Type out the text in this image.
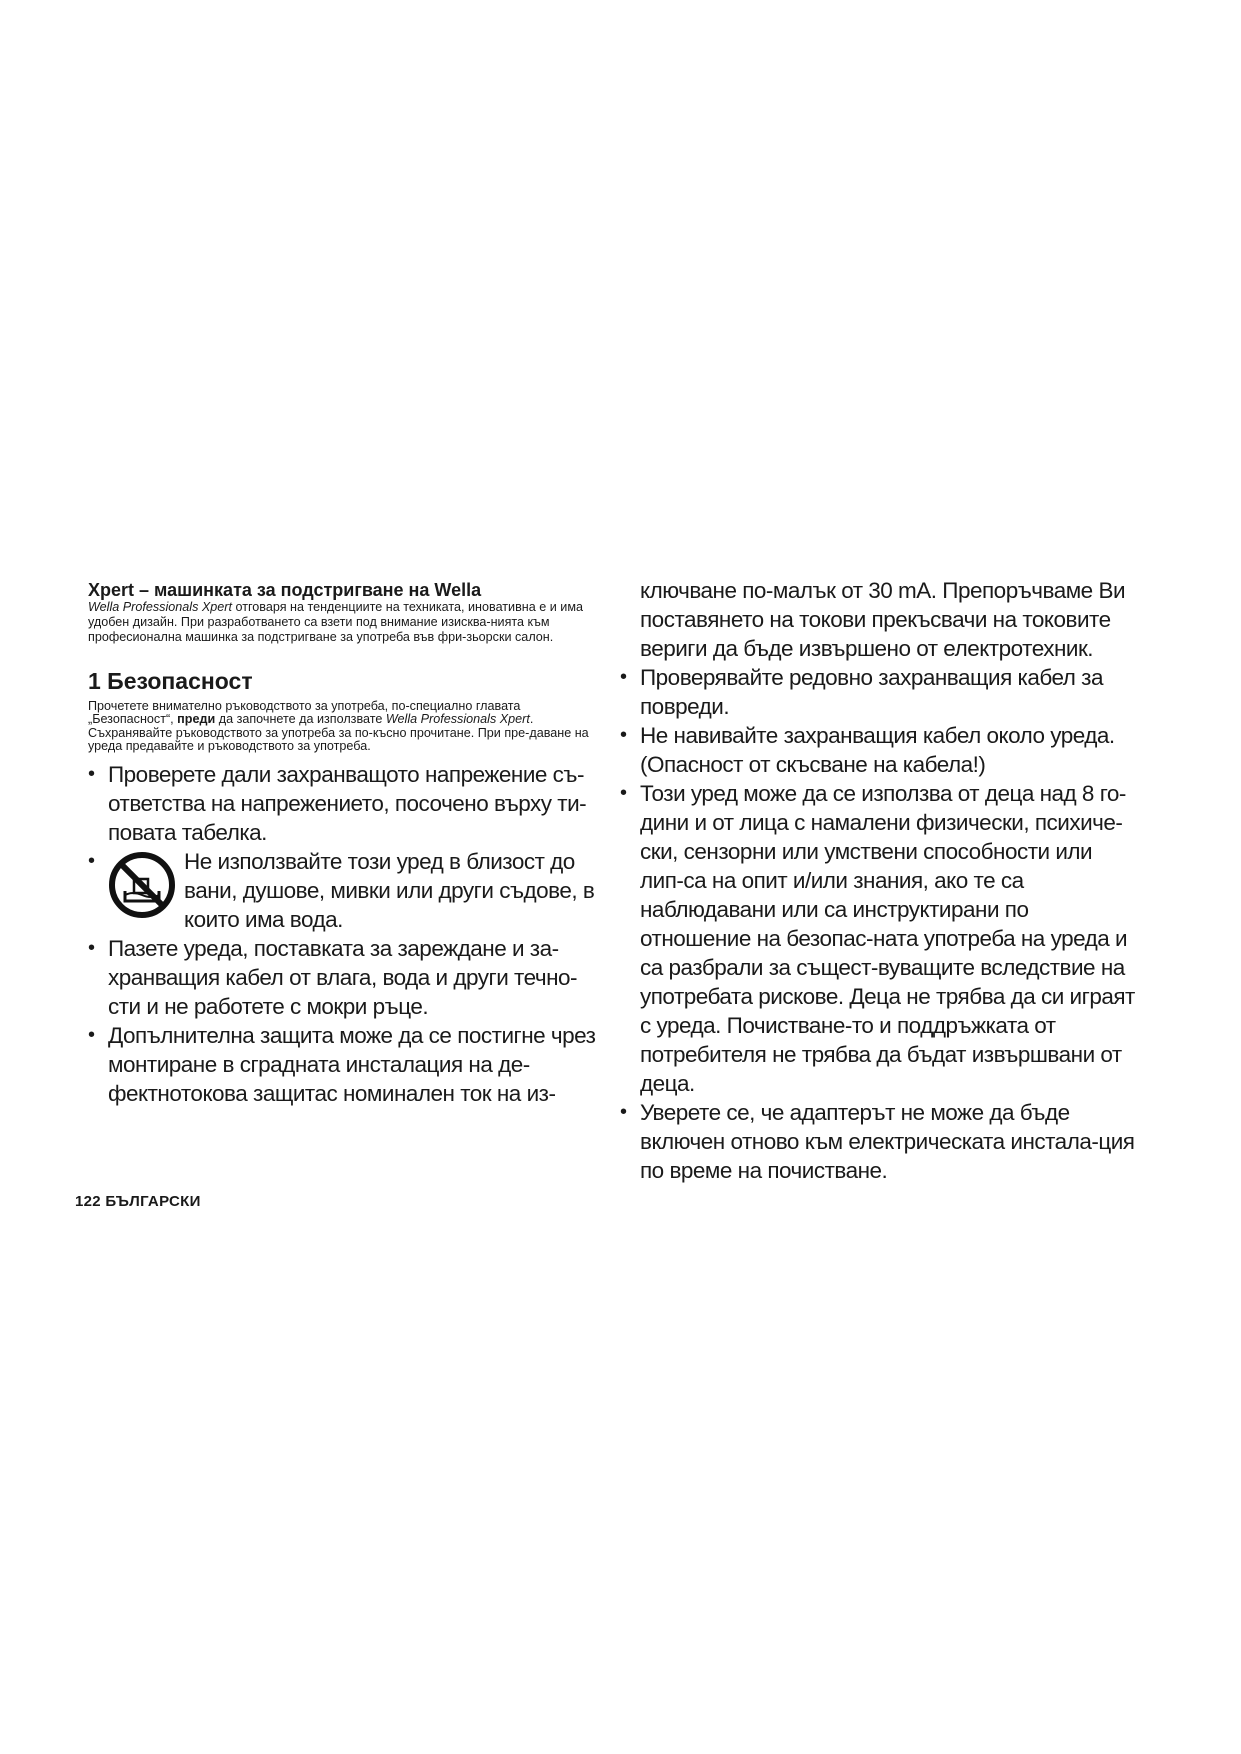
Xpert – машинката за подстригване на Wella

Wella Professionals Xpert отговаря на тенденциите на техниката, иновативна е и има удобен дизайн. При разработването са взети под внимание изисква-нията към професионална машинка за подстригване за употреба във фри-зьорски салон.

1 Безопасност

Прочетете внимателно ръководството за употреба, по-специално главата „Безопасност“, преди да започнете да използвате Wella Professionals Xpert. Съхранявайте ръководството за употреба за по-късно прочитане. При пре-даване на уреда предавайте и ръководството за употреба.

• Проверете дали захранващото напрежение съ-ответства на напрежението, посочено върху ти-повата табелка.
• Не използвайте този уред в близост до вани, душове, мивки или други съдове, в които има вода.
• Пазете уреда, поставката за зареждане и за-хранващия кабел от влага, вода и други течно-сти и не работете с мокри ръце.
• Допълнителна защита може да се постигне чрез монтиране в сградната инсталация на де-фектнотокова защитаc номинален ток на из-

ключване по-малък от 30 mA. Препоръчваме Ви поставянето на токови прекъсвачи на токовите вериги да бъде извършено от електротехник.

• Проверявайте редовно захранващия кабел за повреди.
• Не навивайте захранващия кабел около уреда. (Опасност от скъсване на кабела!)
• Този уред може да се използва от деца над 8 го-дини и от лица с намалени физически, психиче-ски, сензорни или умствени способности или лип-са на опит и/или знания, ако те са наблюдавани или са инструктирани по отношение на безопас-ната употреба на уреда и са разбрали за същест-вуващите вследствие на употребата рискове. Деца не трябва да си играят с уреда. Почистване-то и поддръжката от потребителя не трябва да бъдат извършвани от деца.
• Уверете се, че адаптерът не може да бъде включен отново към електрическата инстала-ция по време на почистване.
122 БЪЛГАРСКИ
